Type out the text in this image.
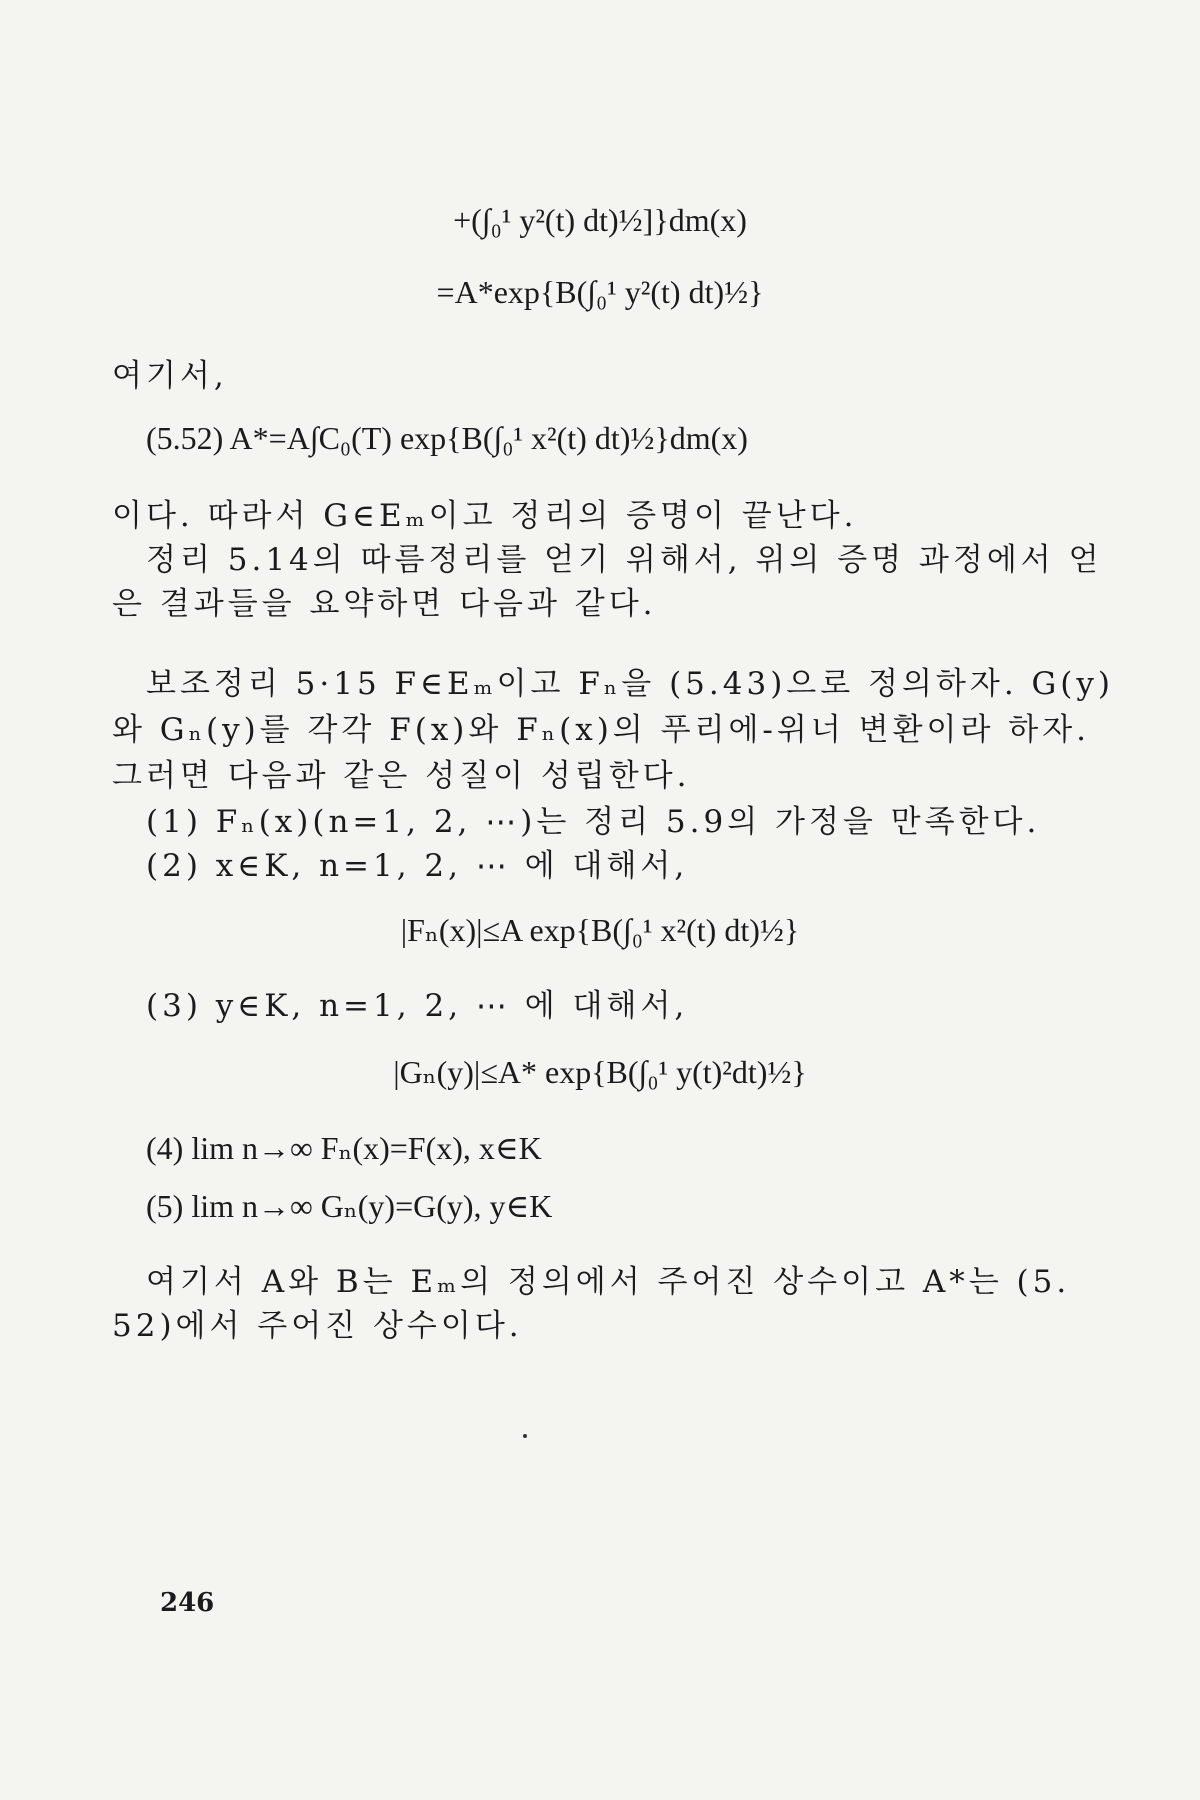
+(∫₀¹ y²(t) dt)½]}dm(x)
=A*exp{B(∫₀¹ y²(t) dt)½}
여기서,
(5.52) A*=A∫C₀(T) exp{B(∫₀¹ x²(t) dt)½}dm(x)
이다. 따라서 G∈Eₘ이고 정리의 증명이 끝난다.
정리 5.14의 따름정리를 얻기 위해서, 위의 증명 과정에서 얻
은 결과들을 요약하면 다음과 같다.
보조정리 5·15 F∈Eₘ이고 Fₙ을 (5.43)으로 정의하자. G(y)
와 Gₙ(y)를 각각 F(x)와 Fₙ(x)의 푸리에-위너 변환이라 하자.
그러면 다음과 같은 성질이 성립한다.
(1) Fₙ(x)(n=1, 2, ⋯)는 정리 5.9의 가정을 만족한다.
(2) x∈K, n=1, 2, ⋯ 에 대해서,
|Fₙ(x)|≤A exp{B(∫₀¹ x²(t) dt)½}
(3) y∈K, n=1, 2, ⋯ 에 대해서,
|Gₙ(y)|≤A* exp{B(∫₀¹ y(t)²dt)½}
(4) lim n→∞ Fₙ(x)=F(x), x∈K
(5) lim n→∞ Gₙ(y)=G(y), y∈K
여기서 A와 B는 Eₘ의 정의에서 주어진 상수이고 A*는 (5.
52)에서 주어진 상수이다.
246
